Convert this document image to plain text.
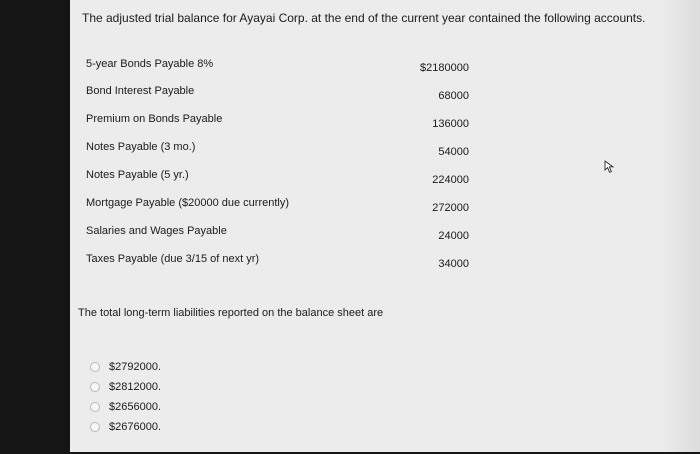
The adjusted trial balance for Ayayai Corp. at the end of the current year contained the following accounts.
5-year Bonds Payable 8%	$2180000
Bond Interest Payable	68000
Premium on Bonds Payable	136000
Notes Payable (3 mo.)	54000
Notes Payable (5 yr.)	224000
Mortgage Payable ($20000 due currently)	272000
Salaries and Wages Payable	24000
Taxes Payable (due 3/15 of next yr)	34000
The total long-term liabilities reported on the balance sheet are
$2792000.
$2812000.
$2656000.
$2676000.
